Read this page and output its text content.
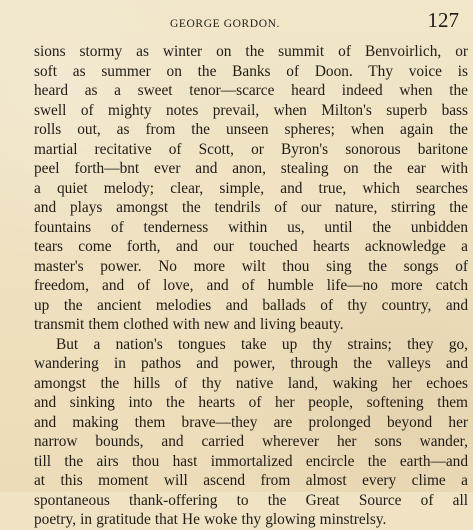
GEORGE GORDON.	127
sions stormy as winter on the summit of Benvoirlich, or
soft as summer on the Banks of Doon. Thy voice is
heard as a sweet tenor—scarce heard indeed when the
swell of mighty notes prevail, when Milton's superb bass
rolls out, as from the unseen spheres; when again the
martial recitative of Scott, or Byron's sonorous baritone
peel forth—bnt ever and anon, stealing on the ear with
a quiet melody; clear, simple, and true, which searches
and plays amongst the tendrils of our nature, stirring the
fountains of tenderness within us, until the unbidden
tears come forth, and our touched hearts acknowledge a
master's power. No more wilt thou sing the songs of
freedom, and of love, and of humble life—no more catch
up the ancient melodies and ballads of thy country, and
transmit them clothed with new and living beauty.
But a nation's tongues take up thy strains; they go,
wandering in pathos and power, through the valleys and
amongst the hills of thy native land, waking her echoes
and sinking into the hearts of her people, softening them
and making them brave—they are prolonged beyond her
narrow bounds, and carried wherever her sons wander,
till the airs thou hast immortalized encircle the earth—and
at this moment will ascend from almost every clime a
spontaneous thank-offering to the Great Source of all
poetry, in gratitude that He woke thy glowing minstrelsy.
